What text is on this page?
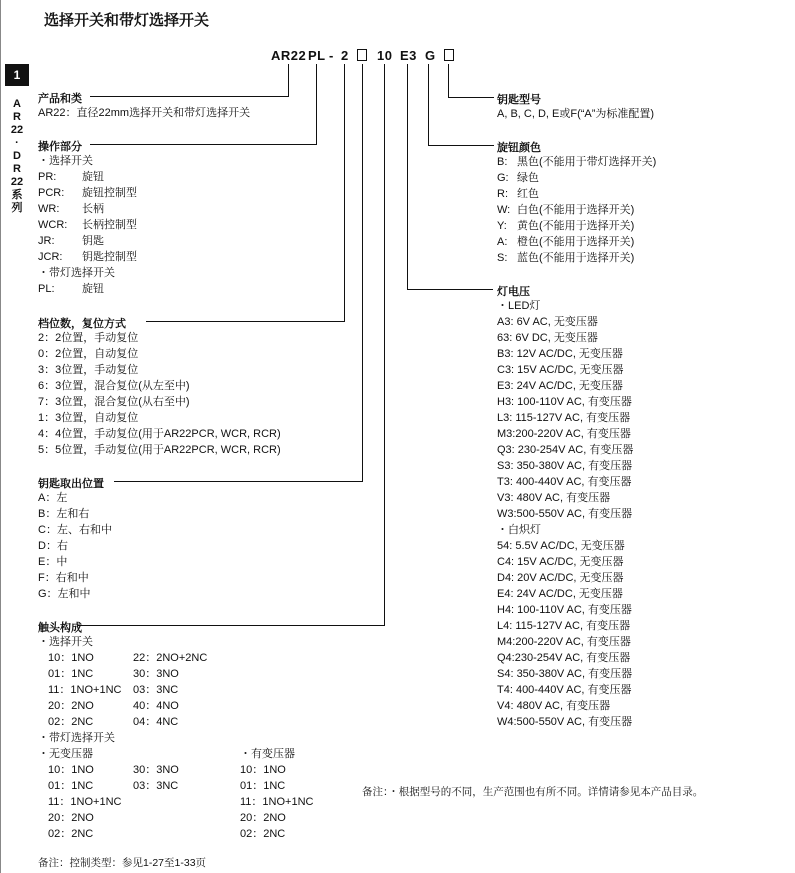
选择开关和带灯选择开关
1
A
R
22
·
D
R
22
系
列
AR22 PL - 2 10 E3 G
产品和类
AR22：直径22mm选择开关和带灯选择开关
操作部分
・选择开关
PR: 旋钮
PCR: 旋钮控制型
WR: 长柄
WCR: 长柄控制型
JR:	钥匙
JCR: 钥匙控制型
PL: 旋钮
・带灯选择开关
档位数，复位方式
2：2位置，手动复位
0：2位置，自动复位
3：3位置，手动复位
6：3位置，混合复位(从左至中)
7：3位置，混合复位(从右至中)
1：3位置，自动复位
4：4位置，手动复位(用于AR22PCR, WCR, RCR)
5：5位置，手动复位(用于AR22PCR, WCR, RCR)
钥匙取出位置
A：左
B：左和右
C：左、右和中
D：右
E：中
F：右和中
G：左和中
触头构成
・选择开关
・带灯选择开关
・无变压器	・有变压器
10：1NO
01：1NC
11：1NO+1NC
20：2NO
02：2NC
22：2NO+2NC
30：3NO
03：3NC
40：4NO
04：4NC
10：1NO
01：1NC
11：1NO+1NC
20：2NO
02：2NC
30：3NO
03：3NC
10：1NO
01：1NC
11：1NO+1NC
20：2NO
02：2NC
钥匙型号
A, B, C, D, E或F(“A”为标准配置)
旋钮颜色
B: 黑色(不能用于带灯选择开关)
G: 绿色
R: 红色
W: 白色(不能用于选择开关)
Y: 黄色(不能用于选择开关)
A: 橙色(不能用于选择开关)
S: 蓝色(不能用于选择开关)
灯电压
・LED灯
A3: 6V AC, 无变压器
63: 6V DC, 无变压器
B3: 12V AC/DC, 无变压器
C3: 15V AC/DC, 无变压器
E3: 24V AC/DC, 无变压器
H3: 100-110V AC, 有变压器
L3: 115-127V AC, 有变压器
M3:200-220V AC, 有变压器
Q3: 230-254V AC, 有变压器
S3: 350-380V AC, 有变压器
T3: 400-440V AC, 有变压器
V3: 480V AC, 有变压器
W3:500-550V AC, 有变压器
・白炽灯
54: 5.5V AC/DC, 无变压器
C4: 15V AC/DC, 无变压器
D4: 20V AC/DC, 无变压器
E4: 24V AC/DC, 无变压器
H4: 100-110V AC, 有变压器
L4: 115-127V AC, 有变压器
M4:200-220V AC, 有变压器
Q4:230-254V AC, 有变压器
S4: 350-380V AC, 有变压器
T4: 400-440V AC, 有变压器
V4: 480V AC, 有变压器
W4:500-550V AC, 有变压器
备注：・根据型号的不同，生产范围也有所不同。详情请参见本产品目录。
备注：控制类型：参见1-27至1-33页
